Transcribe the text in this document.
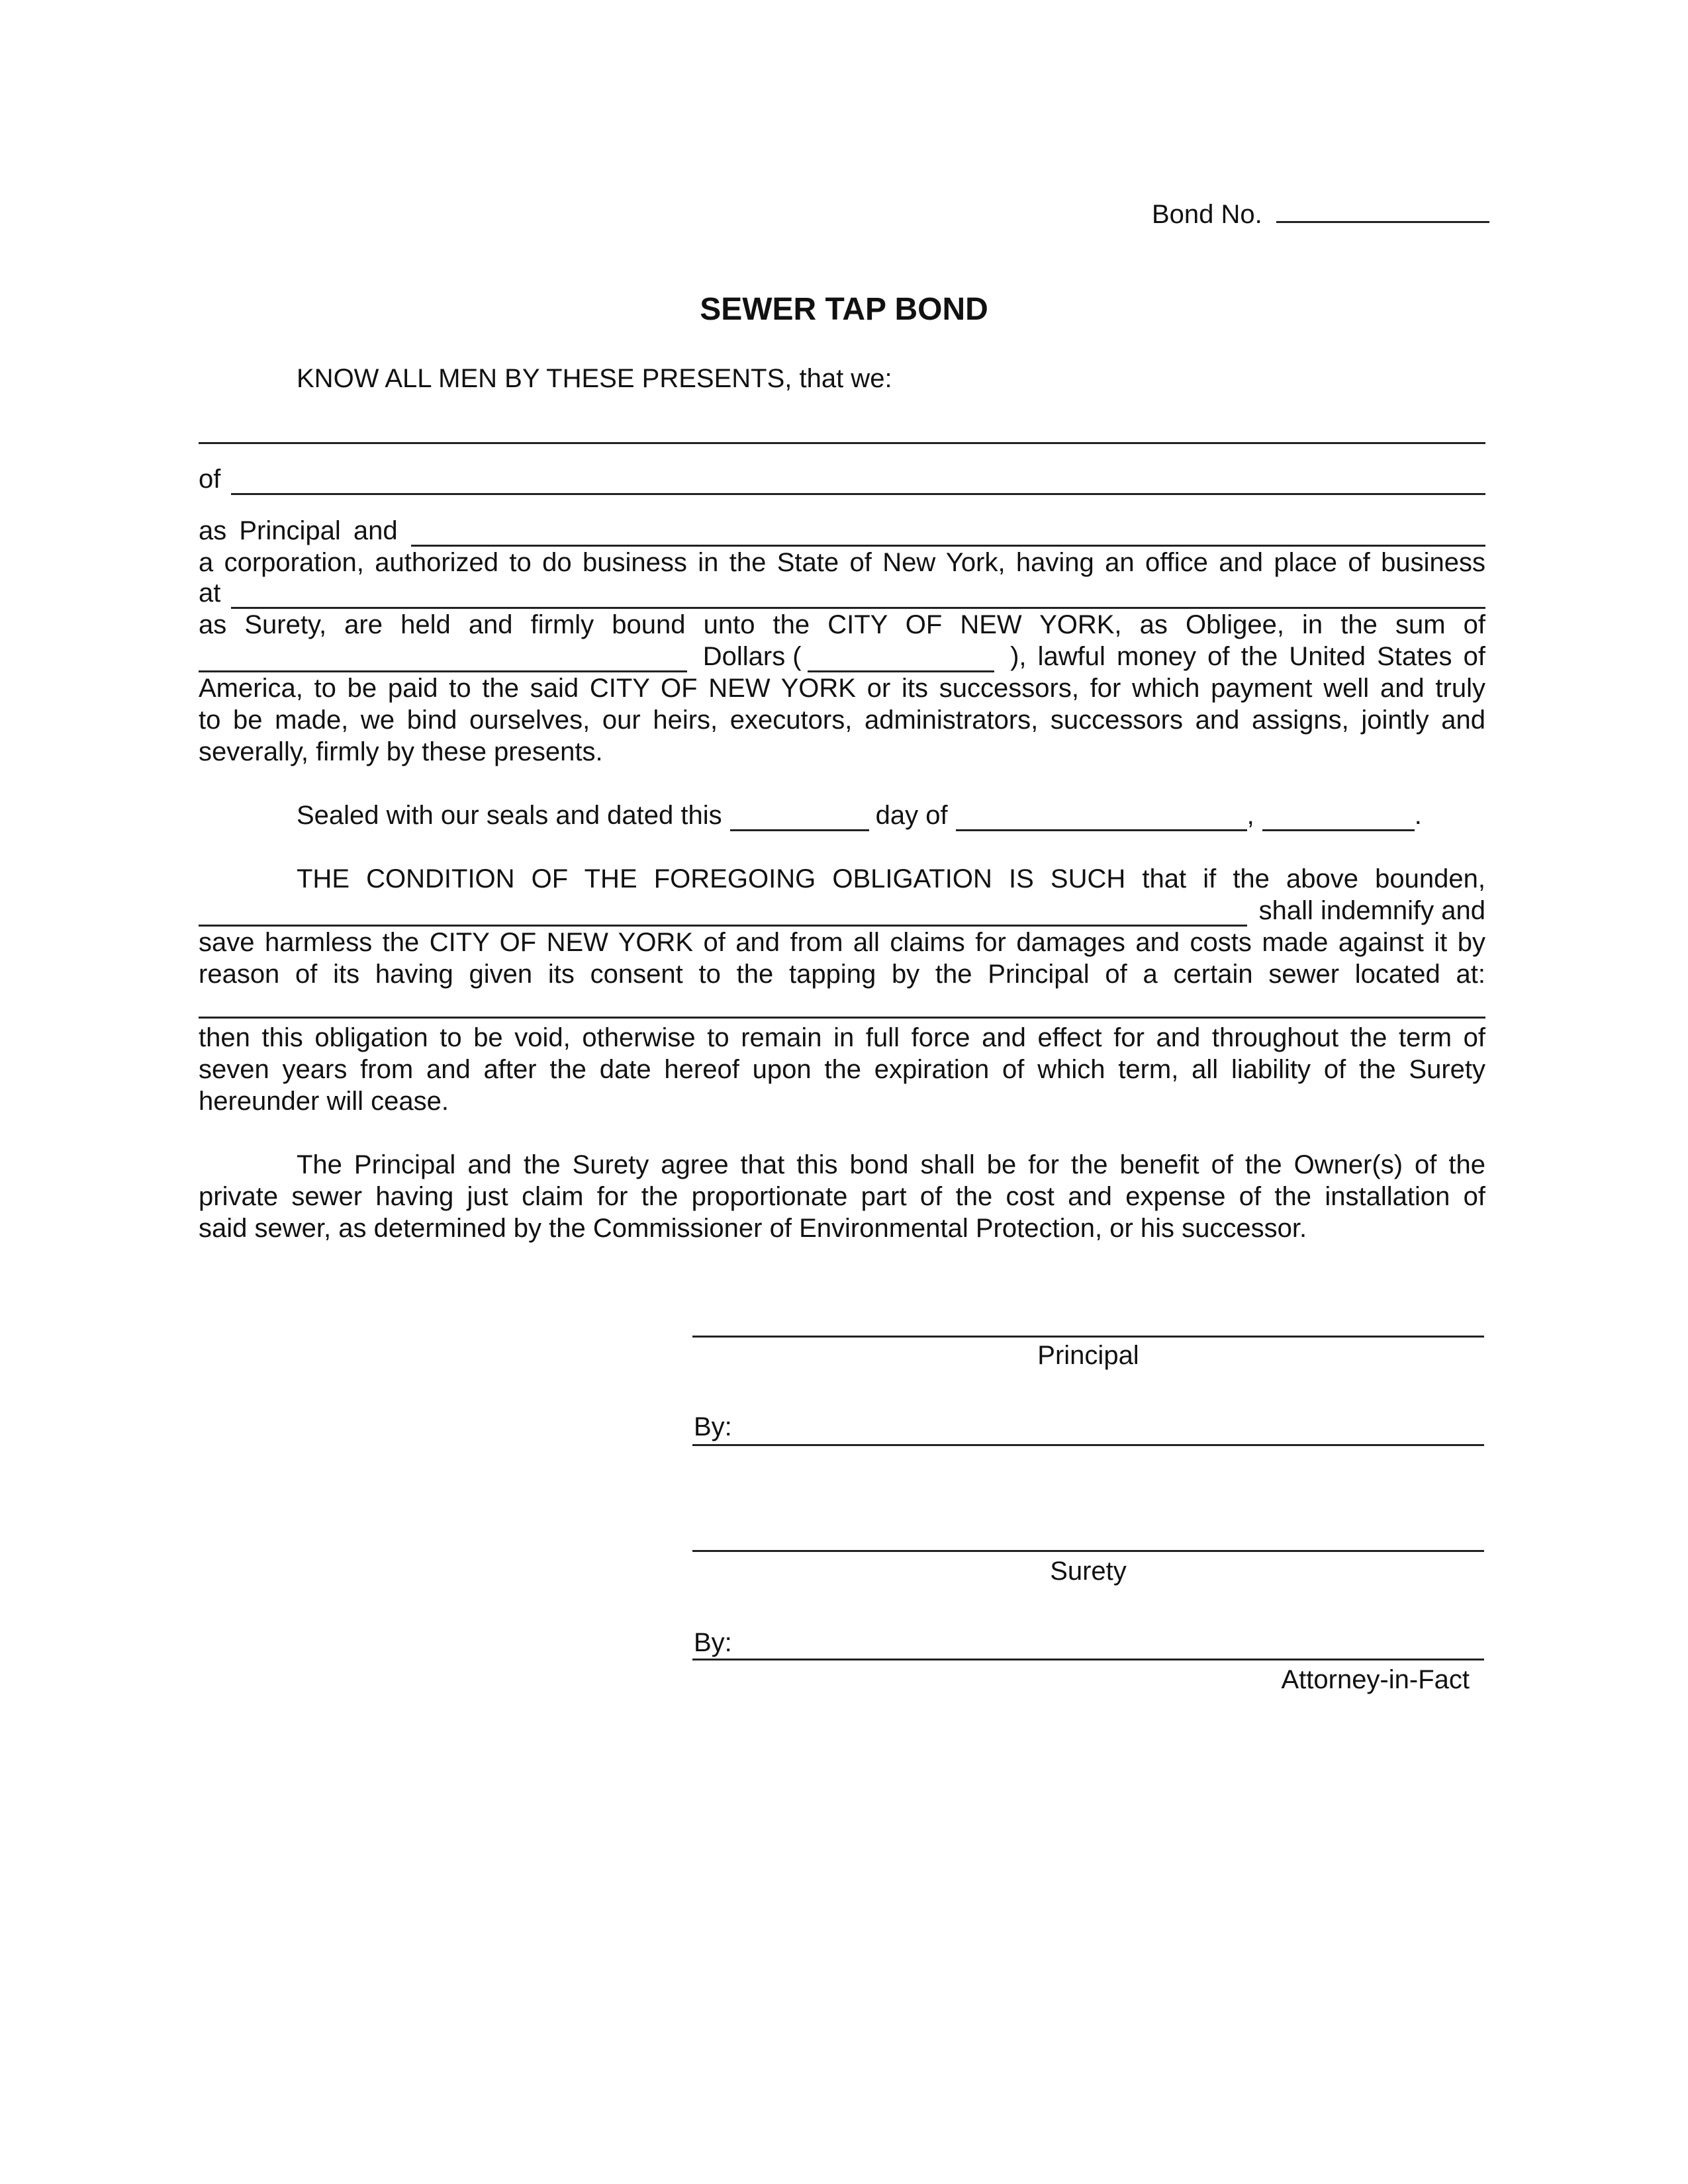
Bond No.
SEWER TAP BOND
KNOW ALL MEN BY THESE PRESENTS, that we:
of
as Principal and
a corporation, authorized to do business in the State of New York, having an office and place of business
at
as Surety, are held and firmly bound unto the CITY OF NEW YORK, as Obligee, in the sum of
Dollars (	), lawful money of the United States of
America, to be paid to the said CITY OF NEW YORK or its successors, for which payment well and truly
to be made, we bind ourselves, our heirs, executors, administrators, successors and assigns, jointly and
severally, firmly by these presents.
Sealed with our seals and dated this	day of	,	.
THE CONDITION OF THE FOREGOING OBLIGATION IS SUCH that if the above bounden,
shall indemnify and
save harmless the CITY OF NEW YORK of and from all claims for damages and costs made against it by
reason of its having given its consent to the tapping by the Principal of a certain sewer located at:
then this obligation to be void, otherwise to remain in full force and effect for and throughout the term of
seven years from and after the date hereof upon the expiration of which term, all liability of the Surety
hereunder will cease.
The Principal and the Surety agree that this bond shall be for the benefit of the Owner(s) of the
private sewer having just claim for the proportionate part of the cost and expense of the installation of
said sewer, as determined by the Commissioner of Environmental Protection, or his successor.
Principal
By:
Surety
By:
Attorney-in-Fact
